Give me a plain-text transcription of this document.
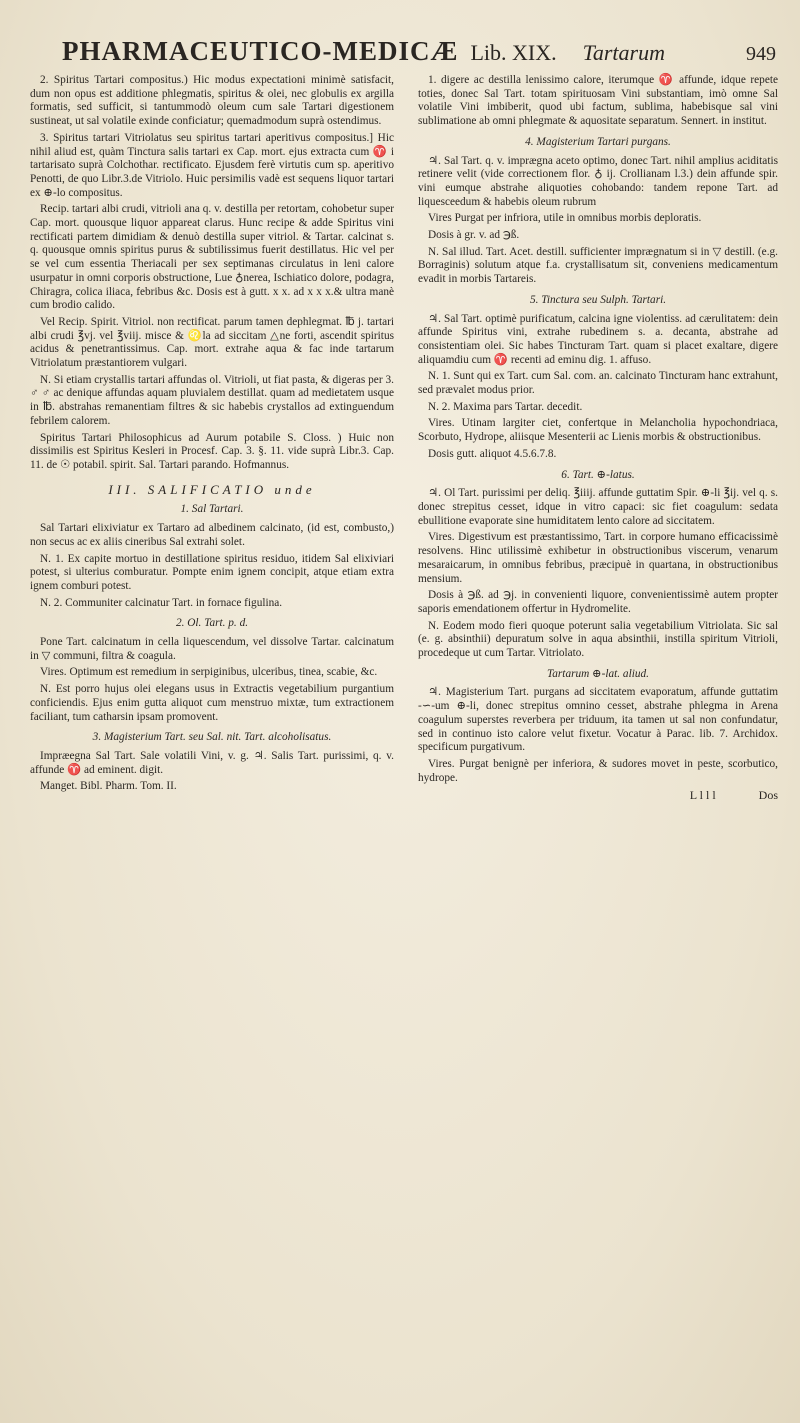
PHARMACEUTICO-MEDICÆ Lib. XIX. Tartarum	949

2. Spiritus Tartari compositus.) Hic modus expectationi minimè satisfacit, dum non opus est additione phlegmatis, spiritus & olei, nec globulis ex argilla formatis, sed sufficit, si tantummodò oleum cum sale Tartari digestionem sustineat, ut sal volatile exinde conficiatur; quemadmodum suprà ostendimus.

3. Spiritus tartari Vitriolatus seu spiritus tartari aperitivus compositus.] Hic nihil aliud est, quàm Tinctura salis tartari ex Cap. mort. ejus extracta cum ♈ i tartarisato suprà Colchothar. rectificato. Ejusdem ferè virtutis cum sp. aperitivo Penotti, de quo Libr.3.de Vitriolo. Huic persimilis vadè est sequens liquor tartari ex ⊕-lo compositus.

Recip. tartari albi crudi, vitrioli ana q. v. destilla per retortam, cohobetur super Cap. mort. quousque liquor appareat clarus. Hunc recipe & adde Spiritus vini rectificati partem dimidiam & denuò destilla super vitriol. & Tartar. calcinat s. q. quousque omnis spiritus purus & subtilissimus fuerit destillatus. Hic vel per se vel cum essentia Theriacali per sex septimanas circulatus in leni calore usurpatur in omni corporis obstructione, Lue ♁nerea, Ischiatico dolore, podagra, Chiragra, colica iliaca, febribus &c. Dosis est à gutt. x x. ad x x x.& ultra manè cum brodio calido.

Vel Recip. Spirit. Vitriol. non rectificat. parum tamen dephlegmat. ℔ j. tartari albi crudi ℥vj. vel ℥viij. misce & ♌la ad siccitam △ne forti, ascendit spiritus acidus & penetrantissimus. Cap. mort. extrahe aqua & fac inde tartarum Vitriolatum præstantiorem vulgari.

N. Si etiam crystallis tartari affundas ol. Vitrioli, ut fiat pasta, & digeras per 3. ♂ ♂ ac denique affundas aquam pluvialem destillat. quam ad medietatem usque in ℔. abstrahas remanentiam filtres & sic habebis crystallos ad extinguendum febrilem calorem.

Spiritus Tartari Philosophicus ad Aurum potabile S. Closs. ) Huic non dissimilis est Spiritus Kesleri in Procesf. Cap. 3. §. 11. vide suprà Libr.3. Cap. 11. de ☉ potabil. spirit. Sal. Tartari parando. Hofmannus.

III. SALIFICATIO unde

1. Sal Tartari.

Sal Tartari elixiviatur ex Tartaro ad albedinem calcinato, (id est, combusto,) non secus ac ex aliis cineribus Sal extrahi solet.

N. 1. Ex capite mortuo in destillatione spiritus residuo, itidem Sal elixiviari potest, si ulterius comburatur. Pompte enim ignem concipit, atque etiam extra ignem comburi potest.

N. 2. Communiter calcinatur Tart. in fornace figulina.

2. Ol. Tart. p. d.

Pone Tart. calcinatum in cella liquescendum, vel dissolve Tartar. calcinatum in ▽ communi, filtra & coagula.

Vires. Optimum est remedium in serpiginibus, ulceribus, tinea, scabie, &c.

N. Est porro hujus olei elegans usus in Extractis vegetabilium purgantium conficiendis. Ejus enim gutta aliquot cum menstruo mixtæ, tum extractionem faciliant, tum catharsin ipsam promovent.

3. Magisterium Tart. seu Sal. nit. Tart. alcoholisatus.

Impræegna Sal Tart. Sale volatili Vini, v. g. ♃. Salis Tart. purissimi, q. v. affunde ♈ ad eminent. digit.

Manget. Bibl. Pharm. Tom. II.

1. digere ac destilla lenissimo calore, iterumque ♈ affunde, idque repete toties, donec Sal Tart. totam spirituosam Vini substantiam, imò omne Sal volatile Vini imbiberit, quod ubi factum, sublima, habebisque sal vini sublimatione ab omni phlegmate & aquositate separatum. Sennert. in institut.

4. Magisterium Tartari purgans.

♃. Sal Tart. q. v. imprægna aceto optimo, donec Tart. nihil amplius aciditatis retinere velit (vide correctionem flor. ♁ ij. Crollianam l.3.) dein affunde spir. vini eumque abstrahe aliquoties cohobando: tandem repone Tart. ad liquesceedum & habebis oleum rubrum

Vires Purgat per infriora, utile in omnibus morbis deploratis.

Dosis à gr. v. ad ℈ß.

N. Sal illud. Tart. Acet. destill. sufficienter imprægnatum si in ▽ destill. (e.g. Borraginis) solutum atque f.a. crystallisatum sit, conveniens medicamentum evadit in morbis Tartareis.

5. Tinctura seu Sulph. Tartari.

♃. Sal Tart. optimè purificatum, calcina igne violentiss. ad cærulitatem: dein affunde Spiritus vini, extrahe rubedinem s. a. decanta, abstrahe ad consistentiam olei. Sic habes Tincturam Tart. quam si placet exaltare, digere aliquamdiu cum ♈ recenti ad eminu dig. 1. affuso.

N. 1. Sunt qui ex Tart. cum Sal. com. an. calcinato Tincturam hanc extrahunt, sed prævalet modus prior.

N. 2. Maxima pars Tartar. decedit.

Vires. Utinam largiter ciet, confertque in Melancholia hypochondriaca, Scorbuto, Hydrope, aliisque Mesenterii ac Lienis morbis & obstructionibus.

Dosis gutt. aliquot 4.5.6.7.8.

6. Tart. ⊕-latus.

♃. Ol Tart. purissimi per deliq. ℥iiij. affunde guttatim Spir. ⊕-li ℥ij. vel q. s. donec strepitus cesset, idque in vitro capaci: sic fiet coagulum: sedata ebullitione evaporate sine humiditatem lento calore ad siccitatem.

Vires. Digestivum est præstantissimo, Tart. in corpore humano efficacissimè resolvens. Hinc utilissimè exhibetur in obstructionibus viscerum, venarum mesaraicarum, in omnibus febribus, præcipuè in quartana, in obstructionibus mensium.

Dosis à ℈ß. ad ℈j. in convenienti liquore, convenientissimè autem propter saporis emendationem offertur in Hydromelite.

N. Eodem modo fieri quoque poterunt salia vegetabilium Vitriolata. Sic sal (e. g. absinthii) depuratum solve in aqua absinthii, instilla spiritum Vitrioli, procedeque ut cum Tartar. Vitriolato.

Tartarum ⊕-lat. aliud.

♃. Magisterium Tart. purgans ad siccitatem evaporatum, affunde guttatim -∽-um ⊕-li, donec strepitus omnino cesset, abstrahe phlegma in Arena coagulum superstes reverbera per triduum, ita tamen ut sal non confundatur, sed in continuo isto calore velut fixetur. Vocatur à Parac. lib. 7. Archidox. specificum purgativum.

Vires. Purgat benignè per inferiora, & sudores movet in peste, scorbutico, hydrope.

L l l l	Dos
